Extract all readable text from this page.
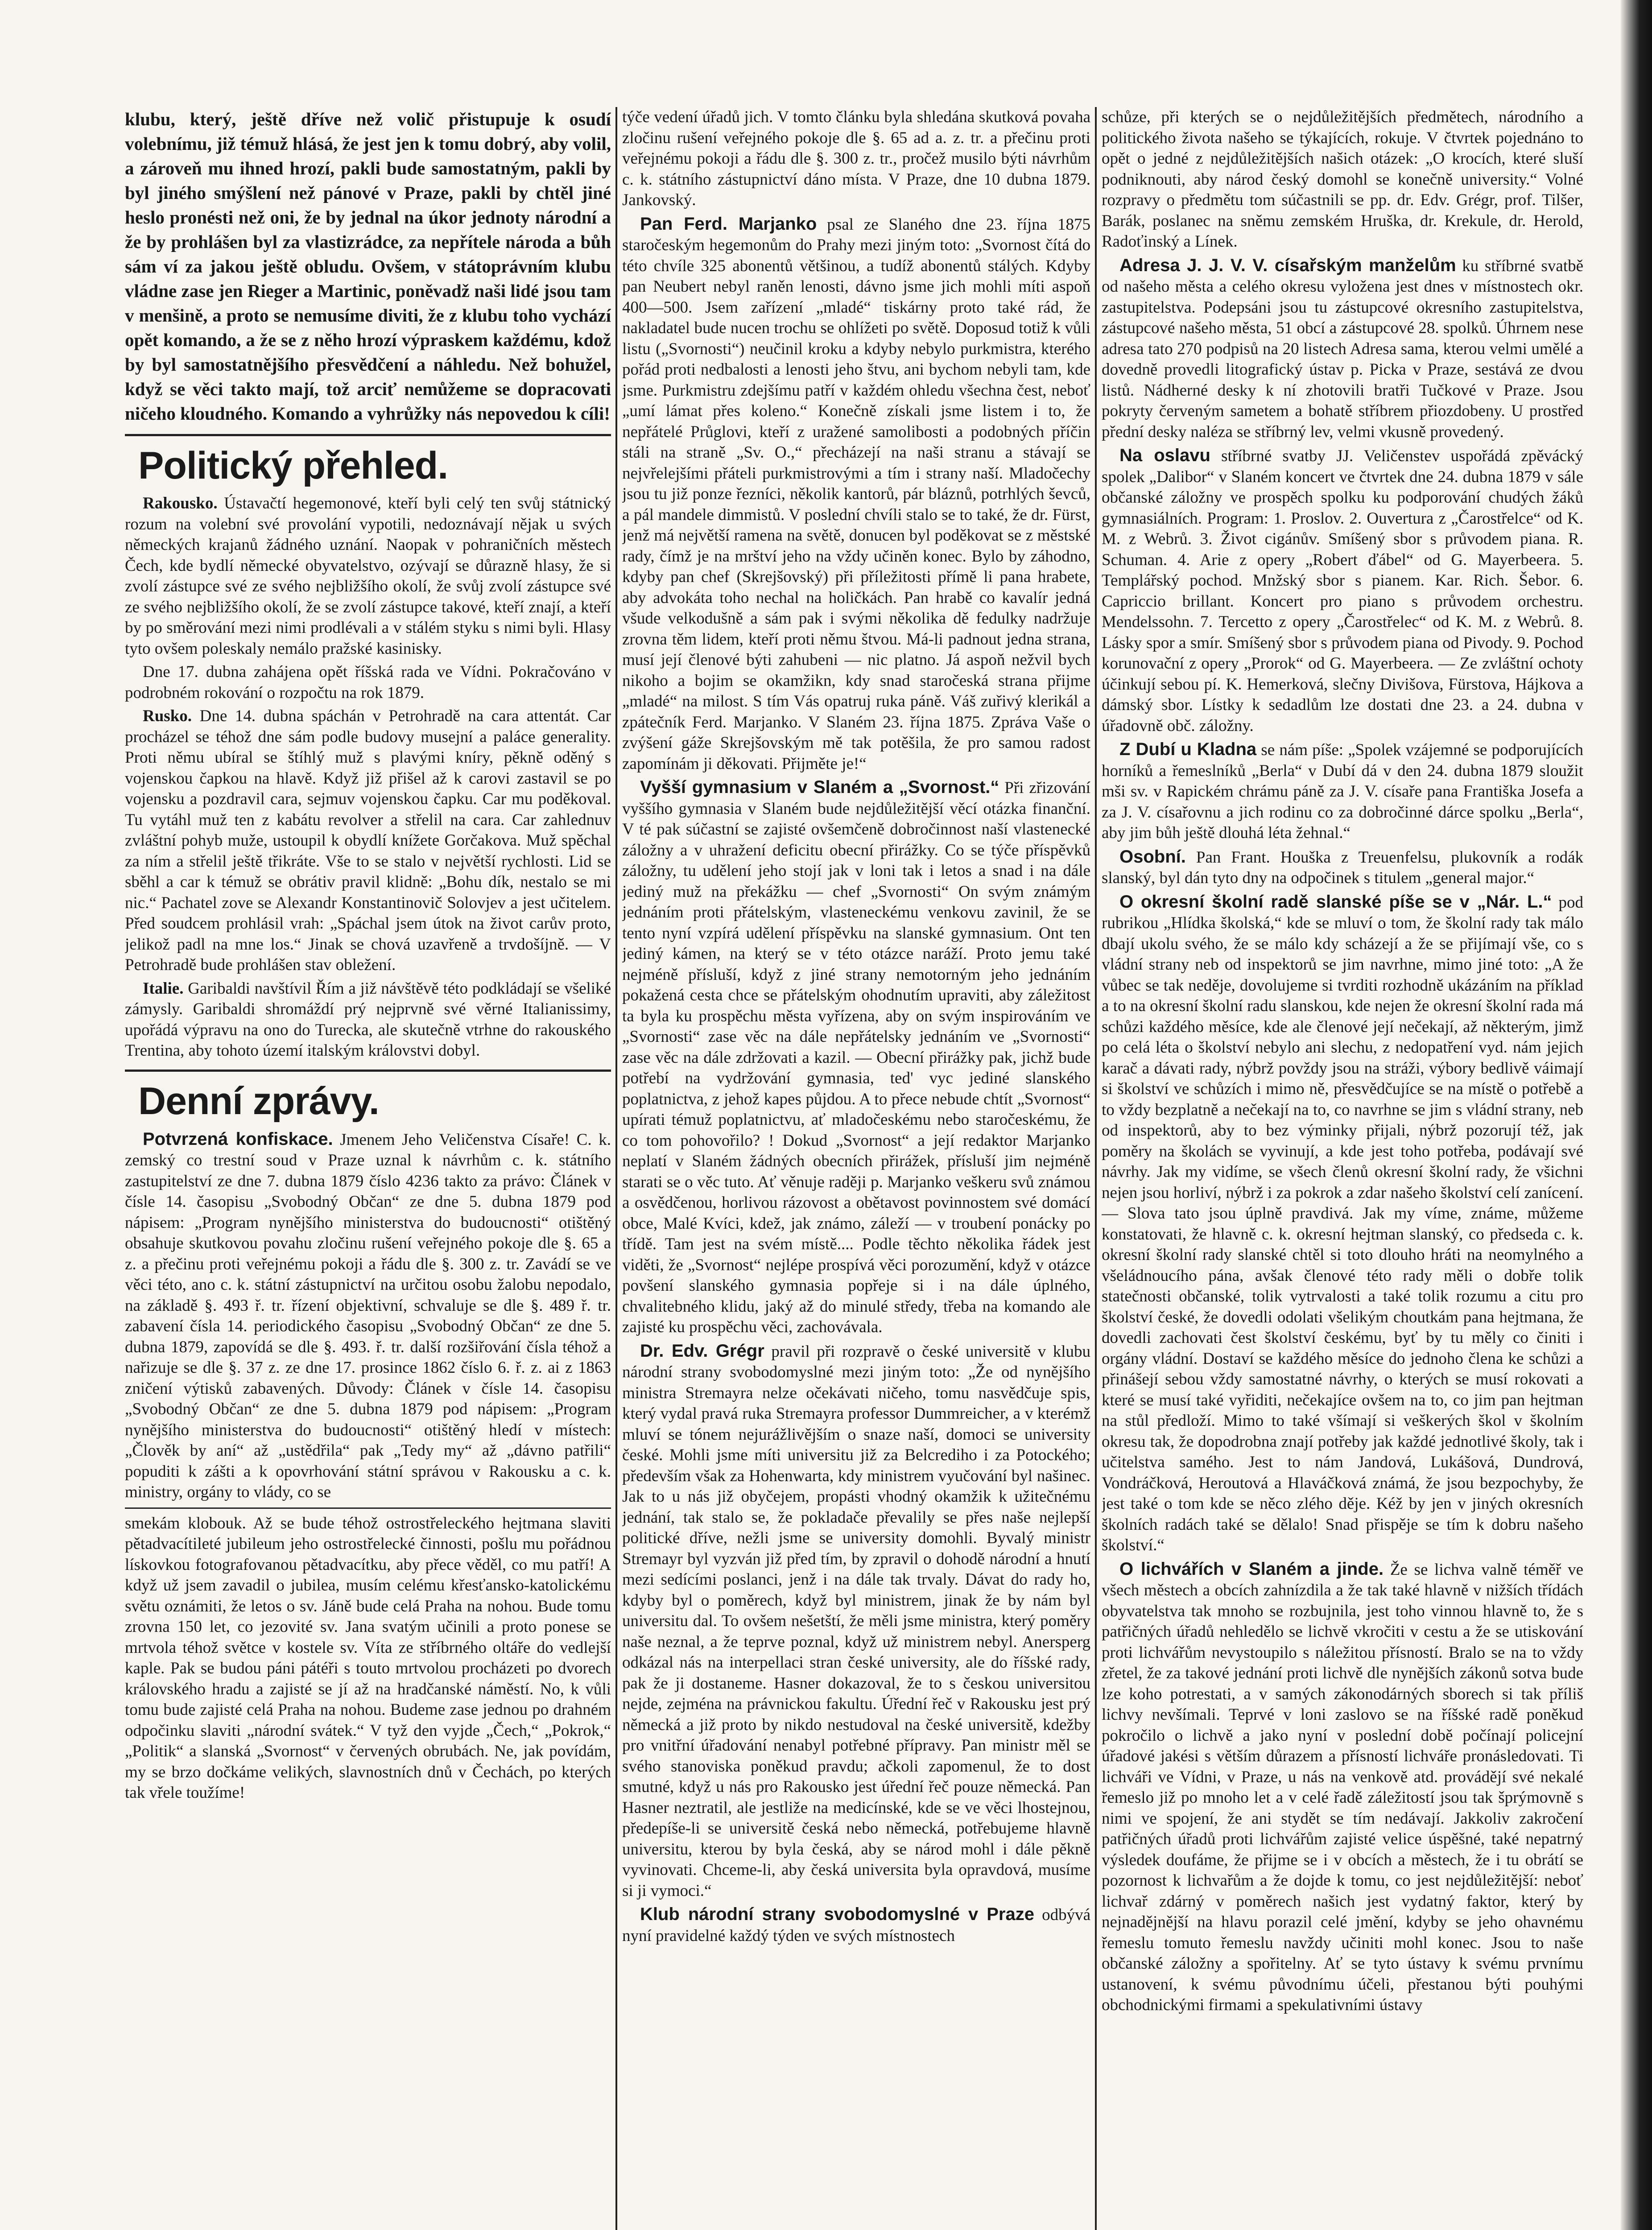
klubu, který, ještě dříve než volič přistupuje k osudí volebnímu, již témuž hlásá, že jest jen k tomu dobrý, aby volil, a zároveň mu ihned hrozí, pakli bude samostatným, pakli by byl jiného smýšlení než pánové v Praze, pakli by chtěl jiné heslo pronésti než oni, že by jednal na úkor jednoty národní a že by prohlášen byl za vlastizrádce, za nepřítele národa a bůh sám ví za jakou ještě obludu. Ovšem, v státoprávním klubu vládne zase jen Rieger a Martinic, poněvadž naši lidé jsou tam v menšině, a proto se nemusíme diviti, že z klubu toho vychází opět komando, a že se z něho hrozí výpraskem každému, kdož by byl samostatnějšího přesvědčení a náhledu. Než bohužel, když se věci takto mají, tož arciť nemůžeme se dopracovati ničeho kloudného. Komando a vyhrůžky nás nepovedou k cíli!

Politický přehled.

Rakousko. Ústavačtí hegemonové, kteří byli celý ten svůj státnický rozum na volební své provolání vypotili, nedoznávají nějak u svých německých krajanů žádného uznání. Naopak v pohraničních městech Čech, kde bydlí německé obyvatelstvo, ozývají se důrazně hlasy, že si zvolí zástupce své ze svého nejbližšího okolí, že svůj zvolí zástupce své ze svého nejbližšího okolí, že se zvolí zástupce takové, kteří znají, a kteří by po směrování mezi nimi prodlévali a v stálém styku s nimi byli. Hlasy tyto ovšem poleskaly nemálo pražské kasinisky.

Dne 17. dubna zahájena opět říšská rada ve Vídni. Pokračováno v podrobném rokování o rozpočtu na rok 1879.

Rusko. Dne 14. dubna spáchán v Petrohradě na cara attentát. Car procházel se téhož dne sám podle budovy musejní a paláce generality. Proti němu ubíral se štíhlý muž s plavými kníry, pěkně oděný s vojenskou čapkou na hlavě. Když již přišel až k carovi zastavil se po vojensku a pozdravil cara, sejmuv vojenskou čapku. Car mu poděkoval. Tu vytáhl muž ten z kabátu revolver a střelil na cara. Car zahlednuv zvláštní pohyb muže, ustoupil k obydlí knížete Gorčakova. Muž spěchal za ním a střelil ještě třikráte. Vše to se stalo v největší rychlosti. Lid se sběhl a car k témuž se obrátiv pravil klidně: „Bohu dík, nestalo se mi nic.“ Pachatel zove se Alexandr Konstantinovič Solovjev a jest učitelem. Před soudcem prohlásil vrah: „Spáchal jsem útok na život carův proto, jelikož padl na mne los.“ Jinak se chová uzavřeně a trvdošíjně. — V Petrohradě bude prohlášen stav obležení.

Italie. Garibaldi navštívil Řím a již návštěvě této podkládají se všeliké zámysly. Garibaldi shromáždí prý nejprvně své věrné Italianissimy, upořádá výpravu na ono do Turecka, ale skutečně vtrhne do rakouského Trentina, aby tohoto území italským královstvi dobyl.

Denní zprávy.

Potvrzená konfiskace. Jmenem Jeho Veličenstva Císaře! C. k. zemský co trestní soud v Praze uznal k návrhům c. k. státního zastupitelství ze dne 7. dubna 1879 číslo 4236 takto za právo: Článek v čísle 14. časopisu „Svobodný Občan“ ze dne 5. dubna 1879 pod nápisem: „Program nynějšího ministerstva do budoucnosti“ otištěný obsahuje skutkovou povahu zločinu rušení veřejného pokoje dle §. 65 a z. a přečinu proti veřejnému pokoji a řádu dle §. 300 z. tr. Zavádí se ve věci této, ano c. k. státní zástupnictví na určitou osobu žalobu nepodalo, na základě §. 493 ř. tr. řízení objektivní, schvaluje se dle §. 489 ř. tr. zabavení čísla 14. periodického časopisu „Svobodný Občan“ ze dne 5. dubna 1879, zapovídá se dle §. 493. ř. tr. další rozšiřování čísla téhož a nařizuje se dle §. 37 z. ze dne 17. prosince 1862 číslo 6. ř. z. ai z 1863 zničení výtisků zabavených. Důvody: Článek v čísle 14. časopisu „Svobodný Občan“ ze dne 5. dubna 1879 pod nápisem: „Program nynějšího ministerstva do budoucnosti“ otištěný hledí v místech: „Člověk by aní“ až „ustědřila“ pak „Tedy my“ až „dávno patřili“ popuditi k zášti a k opovrhování státní správou v Rakousku a c. k. ministry, orgány to vlády, co se

smekám klobouk. Až se bude téhož ostrostřeleckého hejtmana slaviti pětadvacítileté jubileum jeho ostrostřelecké činnosti, pošlu mu pořádnou lískovkou fotografovanou pětadvacítku, aby přece věděl, co mu patří! A když už jsem zavadil o jubilea, musím celému křesťansko-katolickému světu oznámiti, že letos o sv. Jáně bude celá Praha na nohou. Bude tomu zrovna 150 let, co jezovité sv. Jana svatým učinili a proto ponese se mrtvola téhož světce v kostele sv. Víta ze stříbrného oltáře do vedlejší kaple. Pak se budou páni pátéři s touto mrtvolou procházeti po dvorech královského hradu a zajisté se jí až na hradčanské náměstí. No, k vůli tomu bude zajisté celá Praha na nohou. Budeme zase jednou po drahném odpočinku slaviti „národní svátek.“ V tyž den vyjde „Čech,“ „Pokrok,“ „Politik“ a slanská „Svornost“ v červených obrubách. Ne, jak povídám, my se brzo dočkáme velikých, slavnostních dnů v Čechách, po kterých tak vřele toužíme!

týče vedení úřadů jich. V tomto článku byla shledána skutková povaha zločinu rušení veřejného pokoje dle §. 65 ad a. z. tr. a přečinu proti veřejnému pokoji a řádu dle §. 300 z. tr., pročež musilo býti návrhům c. k. státního zástupnictví dáno místa. V Praze, dne 10 dubna 1879. Jankovský.

Pan Ferd. Marjanko psal ze Slaného dne 23. října 1875 staročeským hegemonům do Prahy mezi jiným toto: „Svornost čítá do této chvíle 325 abonentů většinou, a tudíž abonentů stálých. Kdyby pan Neubert nebyl raněn lenosti, dávno jsme jich mohli míti aspoň 400—500. Jsem zařízení „mladé“ tiskárny proto také rád, že nakladatel bude nucen trochu se ohlížeti po světě. Doposud totiž k vůli listu („Svornosti“) neučinil kroku a kdyby nebylo purkmistra, kterého pořád proti nedbalosti a lenosti jeho štvu, ani bychom nebyli tam, kde jsme. Purkmistru zdejšímu patří v každém ohledu všechna čest, neboť „umí lámat přes koleno.“ Konečně získali jsme listem i to, že nepřátelé Průglovi, kteří z uražené samolibosti a podobných příčin stáli na straně „Sv. O.,“ přecházejí na naši stranu a stávají se nejvřelejšími přáteli purkmistrovými a tím i strany naší. Mladočechy jsou tu již ponze řezníci, několik kantorů, pár bláznů, potrhlých ševců, a pál mandele dimmistů. V poslední chvíli stalo se to také, že dr. Fürst, jenž má největší ramena na světě, donucen byl poděkovat se z městské rady, čímž je na mrštví jeho na vždy učiněn konec. Bylo by záhodno, kdyby pan chef (Skrejšovský) při příležitosti přímě li pana hrabete, aby advokáta toho nechal na holičkách. Pan hrabě co kavalír jedná všude velkodušně a sám pak i svými několika dě fedulky nadržuje zrovna těm lidem, kteří proti němu štvou. Má-li padnout jedna strana, musí její členové býti zahubeni — nic platno. Já aspoň nežvil bych nikoho a bojim se okamžikn, kdy snad staročeská strana přijme „mladé“ na milost. S tím Vás opatruj ruka páně. Váš zuřivý klerikál a zpátečník Ferd. Marjanko. V Slaném 23. října 1875. Zpráva Vaše o zvýšení gáže Skrejšovským mě tak potěšila, že pro samou radost zapomínám ji děkovati. Přijměte je!“

Vyšší gymnasium v Slaném a „Svornost.“ Při zřizování vyššího gymnasia v Slaném bude nejdůležitější věcí otázka finanční. V té pak súčastní se zajisté ovšemčeně dobročinnost naší vlastenecké záložny a v uhražení deficitu obecní přirážky. Co se týče příspěvků záložny, tu udělení jeho stojí jak v loni tak i letos a snad i na dále jediný muž na překážku — chef „Svornosti“ On svým známým jednáním proti přátelským, vlasteneckému venkovu zavinil, že se tento nyní vzpírá udělení příspěvku na slanské gymnasium. Ont ten jediný kámen, na který se v této otázce naráží. Proto jemu také nejméně přísluší, když z jiné strany nemotorným jeho jednáním pokažená cesta chce se přátelským ohodnutím upraviti, aby záležitost ta byla ku prospěchu města vyřízena, aby on svým inspirováním ve „Svornosti“ zase věc na dále nepřátelsky jednáním ve „Svornosti“ zase věc na dále zdržovati a kazil. — Obecní přirážky pak, jichž bude potřebí na vydržování gymnasia, ted' vyc jediné slanského poplatnictva, z jehož kapes půjdou. A to přece nebude chtít „Svornost“ upírati témuž poplatnictvu, ať mladočeskému nebo staročeskému, že co tom pohovořilo? ! Dokud „Svornost“ a její redaktor Marjanko neplatí v Slaném žádných obecních přirážek, přísluší jim nejméně starati se o věc tuto. Ať věnuje raději p. Marjanko veškeru svů známou a osvědčenou, horlivou rázovost a obětavost povinnostem své domácí obce, Malé Kvíci, kdež, jak známo, záleží — v troubení ponácky po třídě. Tam jest na svém místě.... Podle těchto několika řádek jest viděti, že „Svornost“ nejlépe prospívá věci porozumění, když v otázce povšení slanského gymnasia popřeje si i na dále úplného, chvalitebného klidu, jaký až do minulé středy, třeba na komando ale zajisté ku prospěchu věci, zachovávala.

Dr. Edv. Grégr pravil při rozpravě o české universitě v klubu národní strany svobodomyslné mezi jiným toto: „Že od nynějšího ministra Stremayra nelze očekávati ničeho, tomu nasvědčuje spis, který vydal pravá ruka Stremayra professor Dummreicher, a v kterémž mluví se tónem nejurážlivějším o snaze naší, domoci se university české. Mohli jsme míti universitu již za Belcrediho i za Potockého; především však za Hohenwarta, kdy ministrem vyučování byl našinec. Jak to u nás již obyčejem, propásti vhodný okamžik k užitečnému jednání, tak stalo se, že pokladače převalily se přes naše nejlepší politické dříve, nežli jsme se university domohli. Byvalý ministr Stremayr byl vyzván již před tím, by zpravil o dohodě národní a hnutí mezi sedícími poslanci, jenž i na dále tak trvaly. Dávat do rady ho, kdyby byl o poměrech, když byl ministrem, jinak že by nám byl universitu dal. To ovšem nešetští, že měli jsme ministra, který poměry naše neznal, a že teprve poznal, když už ministrem nebyl. Anersperg odkázal nás na interpellaci stran české university, ale do říšské rady, pak že ji dostaneme. Hasner dokazoval, že to s českou universitou nejde, zejména na právnickou fakultu. Úřední řeč v Rakousku jest prý německá a již proto by nikdo nestudoval na české universitě, kdežby pro vnitřní úřadování nenabyl potřebné přípravy. Pan ministr měl se svého stanoviska poněkud pravdu; ačkoli zapomenul, že to dost smutné, když u nás pro Rakousko jest úřední řeč pouze německá. Pan Hasner neztratil, ale jestliže na medicínské, kde se ve věci lhostejnou, předepíše-li se universitě česká nebo německá, potřebujeme hlavně universitu, kterou by byla česká, aby se národ mohl i dále pěkně vyvinovati. Chceme-li, aby česká universita byla opravdová, musíme si ji vymoci.“

Klub národní strany svobodomyslné v Praze odbývá nyní pravidelné každý týden ve svých místnostech

schůze, při kterých se o nejdůležitějších předmětech, národního a politického života našeho se týkajících, rokuje. V čtvrtek pojednáno to opět o jedné z nejdůležitějších našich otázek: „O krocích, které sluší podniknouti, aby národ český domohl se konečně university.“ Volné rozpravy o předmětu tom súčastnili se pp. dr. Edv. Grégr, prof. Tilšer, Barák, poslanec na sněmu zemském Hruška, dr. Krekule, dr. Herold, Radoťinský a Línek.

Adresa J. J. V. V. císařským manželům ku stříbrné svatbě od našeho města a celého okresu vyložena jest dnes v místnostech okr. zastupitelstva. Podepsáni jsou tu zástupcové okresního zastupitelstva, zástupcové našeho města, 51 obcí a zástupcové 28. spolků. Úhrnem nese adresa tato 270 podpisů na 20 listech Adresa sama, kterou velmi umělé a dovedně provedli litografický ústav p. Picka v Praze, sestává ze dvou listů. Nádherné desky k ní zhotovili bratři Tučkové v Praze. Jsou pokryty červeným sametem a bohatě stříbrem přiozdobeny. U prostřed přední desky naléza se stříbrný lev, velmi vkusně provedený.

Na oslavu stříbrné svatby JJ. Veličenstev uspořádá zpěvácký spolek „Dalibor“ v Slaném koncert ve čtvrtek dne 24. dubna 1879 v sále občanské záložny ve prospěch spolku ku podporování chudých žáků gymnasiálních. Program: 1. Proslov. 2. Ouvertura z „Čarostřelce“ od K. M. z Webrů. 3. Život cigánův. Smíšený sbor s průvodem piana. R. Schuman. 4. Arie z opery „Robert ďábel“ od G. Mayerbeera. 5. Templářský pochod. Mnžský sbor s pianem. Kar. Rich. Šebor. 6. Capriccio brillant. Koncert pro piano s průvodem orchestru. Mendelssohn. 7. Tercetto z opery „Čarostřelec“ od K. M. z Webrů. 8. Lásky spor a smír. Smíšený sbor s průvodem piana od Pivody. 9. Pochod korunovační z opery „Prorok“ od G. Mayerbeera. — Ze zvláštní ochoty účinkují sebou pí. K. Hemerková, slečny Divišova, Fürstova, Hájkova a dámský sbor. Lístky k sedadlům lze dostati dne 23. a 24. dubna v úřadovně obč. záložny.

Z Dubí u Kladna se nám píše: „Spolek vzájemné se podporujících horníků a řemeslníků „Berla“ v Dubí dá v den 24. dubna 1879 sloužit mši sv. v Rapickém chrámu páně za J. V. císaře pana Františka Josefa a za J. V. císařovnu a jich rodinu co za dobročinné dárce spolku „Berla“, aby jim bůh ještě dlouhá léta žehnal.“

Osobní. Pan Frant. Houška z Treuenfelsu, plukovník a rodák slanský, byl dán tyto dny na odpočinek s titulem „general major.“

O okresní školní radě slanské píše se v „Nár. L.“ pod rubrikou „Hlídka školská,“ kde se mluví o tom, že školní rady tak málo dbají ukolu svého, že se málo kdy scházejí a že se přijímají vše, co s vládní strany neb od inspektorů se jim navrhne, mimo jiné toto: „A že vůbec se tak neděje, dovolujeme si tvrditi rozhodně ukázáním na příklad a to na okresní školní radu slanskou, kde nejen že okresní školní rada má schůzi každého měsíce, kde ale členové její nečekají, až některým, jimž po celá léta o školství nebylo ani slechu, z nedopatření vyd. nám jejich karač a dávati rady, nýbrž povždy jsou na stráži, výbory bedlivě váimají si školství ve schůzích i mimo ně, přesvědčujíce se na místě o potřebě a to vždy bezplatně a nečekají na to, co navrhne se jim s vládní strany, neb od inspektorů, aby to bez výminky přijali, nýbrž pozorují též, jak poměry na školách se vyvinují, a kde jest toho potřeba, podávají své návrhy. Jak my vidíme, se všech členů okresní školní rady, že všichni nejen jsou horliví, nýbrž i za pokrok a zdar našeho školství celí zanícení. — Slova tato jsou úplně pravdivá. Jak my víme, známe, můžeme konstatovati, že hlavně c. k. okresní hejtman slanský, co předseda c. k. okresní školní rady slanské chtěl si toto dlouho hráti na neomylného a všeládnoucího pána, avšak členové této rady měli o dobře tolik statečnosti občanské, tolik vytrvalosti a také tolik rozumu a citu pro školství české, že dovedli odolati všelikým choutkám pana hejtmana, že dovedli zachovati čest školství českému, byť by tu měly co činiti i orgány vládní. Dostaví se každého měsíce do jednoho člena ke schůzi a přinášejí sebou vždy samostatné návrhy, o kterých se musí rokovati a které se musí také vyřiditi, nečekajíce ovšem na to, co jim pan hejtman na stůl předloží. Mimo to také všímají si veškerých škol v školním okresu tak, že dopodrobna znají potřeby jak každé jednotlivé školy, tak i učitelstva samého. Jest to nám Jandová, Lukášová, Dundrová, Vondráčková, Heroutová a Hlaváčková známá, že jsou bezpochyby, že jest také o tom kde se něco zlého děje. Kéž by jen v jiných okresních školních radách také se dělalo! Snad přispěje se tím k dobru našeho školství.“

O lichvářích v Slaném a jinde. Že se lichva valně téměř ve všech městech a obcích zahnízdila a že tak také hlavně v nižších třídách obyvatelstva tak mnoho se rozbujnila, jest toho vinnou hlavně to, že s patřičných úřadů nehledělo se lichvě vkročiti v cestu a že se utiskování proti lichvářům nevystoupilo s náležitou přísností. Bralo se na to vždy zřetel, že za takové jednání proti lichvě dle nynějších zákonů sotva bude lze koho potrestati, a v samých zákonodárných sborech si tak příliš lichvy nevšímali. Teprvé v loni zaslovo se na říšské radě poněkud pokročilo o lichvě a jako nyní v poslední době počínají policejní úřadové jakési s větším důrazem a přísností lichváře pronásledovati. Ti lichváři ve Vídni, v Praze, u nás na venkově atd. provádějí své nekalé řemeslo již po mnoho let a v celé řadě záležitostí jsou tak šprýmovně s nimi ve spojení, že ani stydět se tím nedávají. Jakkoliv zakročení patřičných úřadů proti lichvářům zajisté velice úspěšné, také nepatrný výsledek doufáme, že přijme se i v obcích a městech, že i tu obrátí se pozornost k lichvařům a že dojde k tomu, co jest nejdůležitější: neboť lichvař zdárný v poměrech našich jest vydatný faktor, který by nejnadějnější na hlavu porazil celé jmění, kdyby se jeho ohavnému řemeslu tomuto řemeslu navždy učiniti mohl konec. Jsou to naše občanské záložny a spořitelny. Ať se tyto ústavy k svému prvnímu ustanovení, k svému původnímu účeli, přestanou býti pouhými obchodnickými firmami a spekulativními ústavy
